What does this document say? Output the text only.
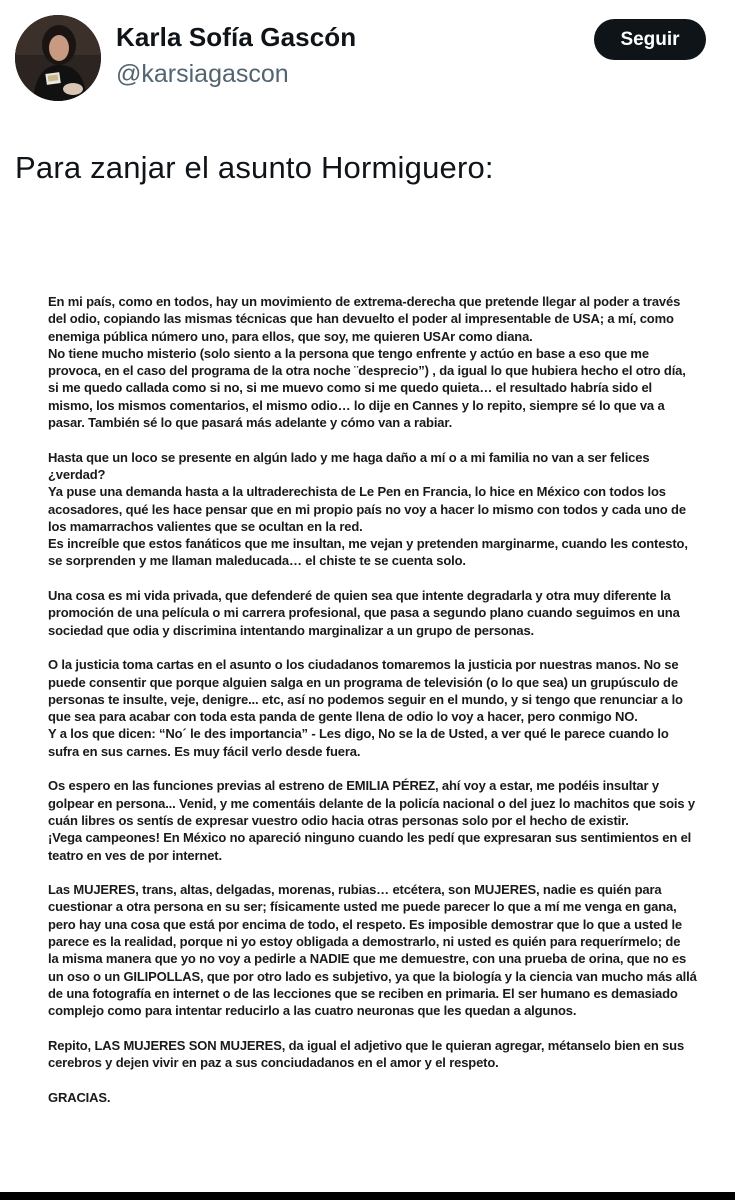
Karla Sofía Gascón
@karsiagascon
Seguir
Para zanjar el asunto Hormiguero:

En mi país, como en todos, hay un movimiento de extrema-derecha que pretende llegar al poder a través
del odio, copiando las mismas técnicas que han devuelto el poder al impresentable de USA; a mí, como
enemiga pública número uno, para ellos, que soy, me quieren USAr como diana.
No tiene mucho misterio (solo siento a la persona que tengo enfrente y actúo en base a eso que me
provoca, en el caso del programa de la otra noche ¨desprecio”) , da igual lo que hubiera hecho el otro día,
si me quedo callada como si no, si me muevo como si me quedo quieta… el resultado habría sido el
mismo, los mismos comentarios, el mismo odio… lo dije en Cannes y lo repito, siempre sé lo que va a
pasar. También sé lo que pasará más adelante y cómo van a rabiar.

Hasta que un loco se presente en algún lado y me haga daño a mí o a mi familia no van a ser felices
¿verdad?
Ya puse una demanda hasta a la ultraderechista de Le Pen en Francia, lo hice en México con todos los
acosadores, qué les hace pensar que en mi propio país no voy a hacer lo mismo con todos y cada uno de
los mamarrachos valientes que se ocultan en la red.
Es increíble que estos fanáticos que me insultan, me vejan y pretenden marginarme, cuando les contesto,
se sorprenden y me llaman maleducada… el chiste te se cuenta solo.

Una cosa es mi vida privada, que defenderé de quien sea que intente degradarla y otra muy diferente la
promoción de una película o mi carrera profesional, que pasa a segundo plano cuando seguimos en una
sociedad que odia y discrimina intentando marginalizar a un grupo de personas.

O la justicia toma cartas en el asunto o los ciudadanos tomaremos la justicia por nuestras manos. No se
puede consentir que porque alguien salga en un programa de televisión (o lo que sea) un grupúsculo de
personas te insulte, veje, denigre... etc, así no podemos seguir en el mundo, y si tengo que renunciar a lo
que sea para acabar con toda esta panda de gente llena de odio lo voy a hacer, pero conmigo NO.
Y a los que dicen: “No´ le des importancia” - Les digo, No se la de Usted, a ver qué le parece cuando lo
sufra en sus carnes. Es muy fácil verlo desde fuera.

Os espero en las funciones previas al estreno de EMILIA PÉREZ, ahí voy a estar, me podéis insultar y
golpear en persona... Venid, y me comentáis delante de la policía nacional o del juez lo machitos que sois y
cuán libres os sentís de expresar vuestro odio hacia otras personas solo por el hecho de existir.
¡Vega campeones! En México no apareció ninguno cuando les pedí que expresaran sus sentimientos en el
teatro en ves de por internet.

Las MUJERES, trans, altas, delgadas, morenas, rubias… etcétera, son MUJERES, nadie es quién para
cuestionar a otra persona en su ser; físicamente usted me puede parecer lo que a mí me venga en gana,
pero hay una cosa que está por encima de todo, el respeto. Es imposible demostrar que lo que a usted le
parece es la realidad, porque ni yo estoy obligada a demostrarlo, ni usted es quién para requerírmelo; de
la misma manera que yo no voy a pedirle a NADIE que me demuestre, con una prueba de orina, que no es
un oso o un GILIPOLLAS, que por otro lado es subjetivo, ya que la biología y la ciencia van mucho más allá
de una fotografía en internet o de las lecciones que se reciben en primaria. El ser humano es demasiado
complejo como para intentar reducirlo a las cuatro neuronas que les quedan a algunos.

Repito, LAS MUJERES SON MUJERES, da igual el adjetivo que le quieran agregar, métanselo bien en sus
cerebros y dejen vivir en paz a sus conciudadanos en el amor y el respeto.

GRACIAS.
